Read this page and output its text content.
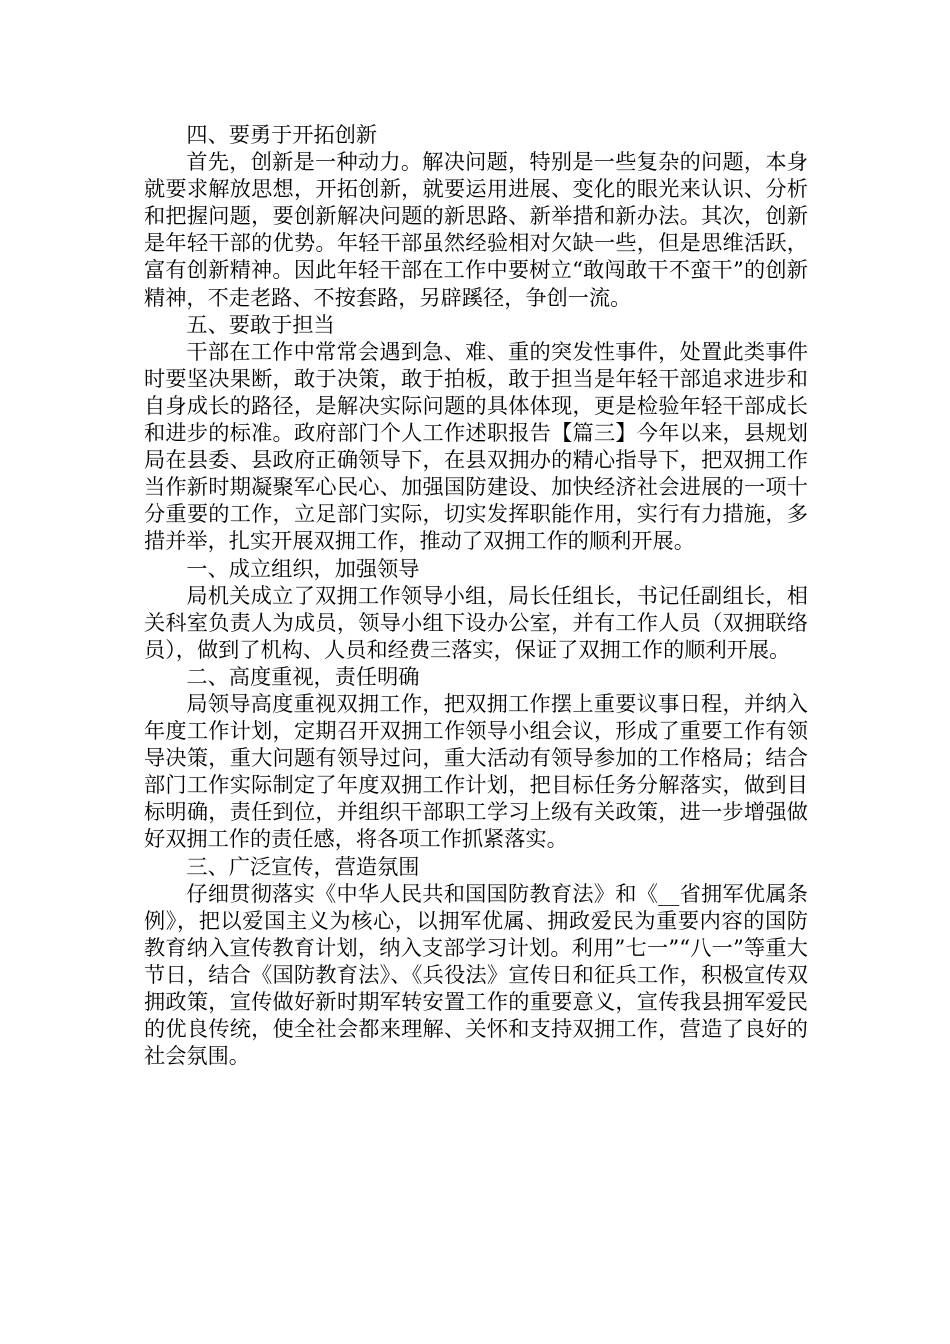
四、要勇于开拓创新

首先，创新是一种动力。解决问题，特别是一些复杂的问题，本身就要求解放思想，开拓创新，就要运用进展、变化的眼光来认识、分析和把握问题，要创新解决问题的新思路、新举措和新办法。其次，创新是年轻干部的优势。年轻干部虽然经验相对欠缺一些，但是思维活跃，富有创新精神。因此年轻干部在工作中要树立“敢闯敢干不蛮干”的创新精神，不走老路、不按套路，另辟蹊径，争创一流。

五、要敢于担当

干部在工作中常常会遇到急、难、重的突发性事件，处置此类事件时要坚决果断，敢于决策，敢于拍板，敢于担当是年轻干部追求进步和自身成长的路径，是解决实际问题的具体体现，更是检验年轻干部成长和进步的标准。政府部门个人工作述职报告【篇三】今年以来，县规划局在县委、县政府正确领导下，在县双拥办的精心指导下，把双拥工作当作新时期凝聚军心民心、加强国防建设、加快经济社会进展的一项十分重要的工作，立足部门实际，切实发挥职能作用，实行有力措施，多措并举，扎实开展双拥工作，推动了双拥工作的顺利开展。

一、成立组织，加强领导

局机关成立了双拥工作领导小组，局长任组长，书记任副组长，相关科室负责人为成员，领导小组下设办公室，并有工作人员（双拥联络员），做到了机构、人员和经费三落实，保证了双拥工作的顺利开展。

二、高度重视，责任明确

局领导高度重视双拥工作，把双拥工作摆上重要议事日程，并纳入年度工作计划，定期召开双拥工作领导小组会议，形成了重要工作有领导决策，重大问题有领导过问，重大活动有领导参加的工作格局；结合部门工作实际制定了年度双拥工作计划，把目标任务分解落实，做到目标明确，责任到位，并组织干部职工学习上级有关政策，进一步增强做好双拥工作的责任感，将各项工作抓紧落实。

三、广泛宣传，营造氛围

仔细贯彻落实《中华人民共和国国防教育法》和《__省拥军优属条例》，把以爱国主义为核心，以拥军优属、拥政爱民为重要内容的国防教育纳入宣传教育计划，纳入支部学习计划。利用”七一”“八一”等重大节日，结合《国防教育法》、《兵役法》宣传日和征兵工作，积极宣传双拥政策，宣传做好新时期军转安置工作的重要意义，宣传我县拥军爱民的优良传统，使全社会都来理解、关怀和支持双拥工作，营造了良好的社会氛围。
